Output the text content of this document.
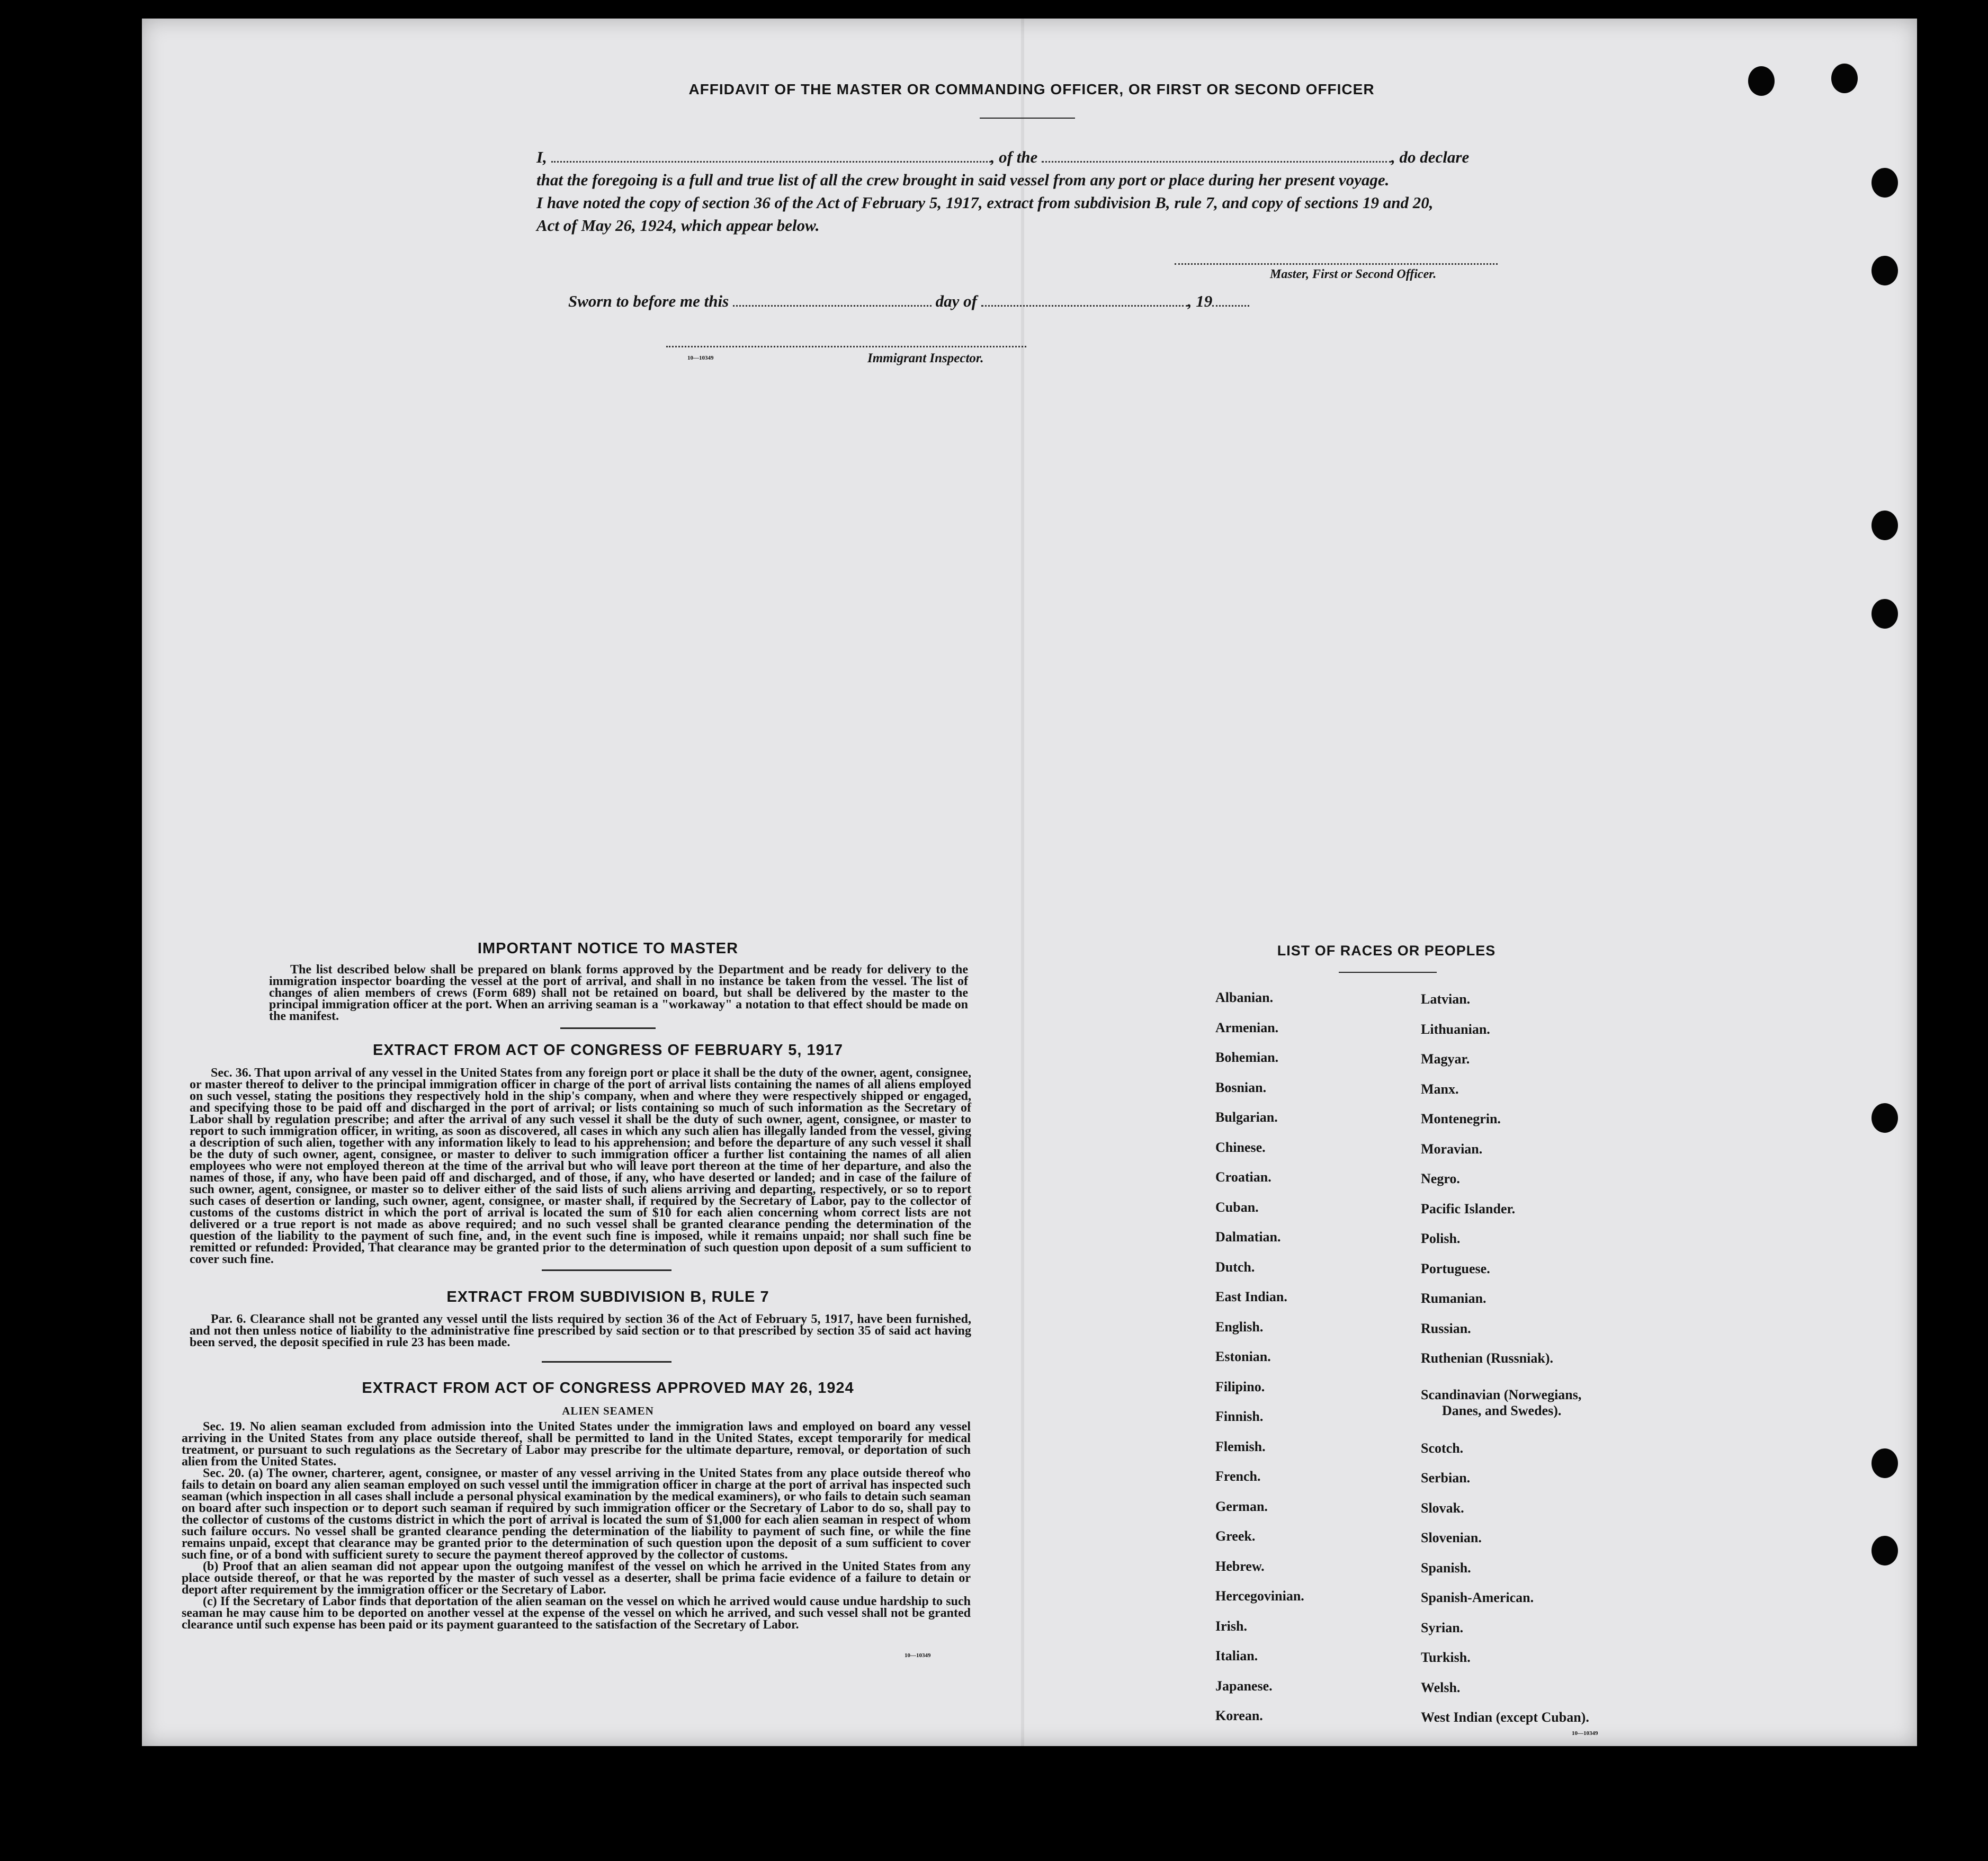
AFFIDAVIT OF THE MASTER OR COMMANDING OFFICER, OR FIRST OR SECOND OFFICER
I,	, of the	, do declare
that the foregoing is a full and true list of all the crew brought in said vessel from any port or place during her present voyage.
I have noted the copy of section 36 of the Act of February 5, 1917, extract from subdivision B, rule 7, and copy of sections 19 and 20,
Act of May 26, 1924, which appear below.
Master, First or Second Officer.
Sworn to before me this	day of	, 19
10—10349	Immigrant Inspector.
IMPORTANT NOTICE TO MASTER
The list described below shall be prepared on blank forms approved by the Department and be ready for delivery to the immigration inspector boarding the vessel at the port of arrival, and shall in no instance be taken from the vessel. The list of changes of alien members of crews (Form 689) shall not be retained on board, but shall be delivered by the master to the principal immigration officer at the port. When an arriving seaman is a "workaway" a notation to that effect should be made on the manifest.
EXTRACT FROM ACT OF CONGRESS OF FEBRUARY 5, 1917
Sec. 36. That upon arrival of any vessel in the United States from any foreign port or place it shall be the duty of the owner, agent, consignee, or master thereof to deliver to the principal immigration officer in charge of the port of arrival lists containing the names of all aliens employed on such vessel, stating the positions they respectively hold in the ship's company, when and where they were respectively shipped or engaged, and specifying those to be paid off and discharged in the port of arrival; or lists containing so much of such information as the Secretary of Labor shall by regulation prescribe; and after the arrival of any such vessel it shall be the duty of such owner, agent, consignee, or master to report to such immigration officer, in writing, as soon as discovered, all cases in which any such alien has illegally landed from the vessel, giving a description of such alien, together with any information likely to lead to his apprehension; and before the departure of any such vessel it shall be the duty of such owner, agent, consignee, or master to deliver to such immigration officer a further list containing the names of all alien employees who were not employed thereon at the time of the arrival but who will leave port thereon at the time of her departure, and also the names of those, if any, who have been paid off and discharged, and of those, if any, who have deserted or landed; and in case of the failure of such owner, agent, consignee, or master so to deliver either of the said lists of such aliens arriving and departing, respectively, or so to report such cases of desertion or landing, such owner, agent, consignee, or master shall, if required by the Secretary of Labor, pay to the collector of customs of the customs district in which the port of arrival is located the sum of $10 for each alien concerning whom correct lists are not delivered or a true report is not made as above required; and no such vessel shall be granted clearance pending the determination of the question of the liability to the payment of such fine, and, in the event such fine is imposed, while it remains unpaid; nor shall such fine be remitted or refunded: Provided, That clearance may be granted prior to the determination of such question upon deposit of a sum sufficient to cover such fine.
EXTRACT FROM SUBDIVISION B, RULE 7
Par. 6. Clearance shall not be granted any vessel until the lists required by section 36 of the Act of February 5, 1917, have been furnished, and not then unless notice of liability to the administrative fine prescribed by said section or to that prescribed by section 35 of said act having been served, the deposit specified in rule 23 has been made.
EXTRACT FROM ACT OF CONGRESS APPROVED MAY 26, 1924
ALIEN SEAMEN
Sec. 19. No alien seaman excluded from admission into the United States under the immigration laws and employed on board any vessel arriving in the United States from any place outside thereof, shall be permitted to land in the United States, except temporarily for medical treatment, or pursuant to such regulations as the Secretary of Labor may prescribe for the ultimate departure, removal, or deportation of such alien from the United States.
Sec. 20. (a) The owner, charterer, agent, consignee, or master of any vessel arriving in the United States from any place outside thereof who fails to detain on board any alien seaman employed on such vessel until the immigration officer in charge at the port of arrival has inspected such seaman (which inspection in all cases shall include a personal physical examination by the medical examiners), or who fails to detain such seaman on board after such inspection or to deport such seaman if required by such immigration officer or the Secretary of Labor to do so, shall pay to the collector of customs of the customs district in which the port of arrival is located the sum of $1,000 for each alien seaman in respect of whom such failure occurs. No vessel shall be granted clearance pending the determination of the liability to payment of such fine, or while the fine remains unpaid, except that clearance may be granted prior to the determination of such question upon the deposit of a sum sufficient to cover such fine, or of a bond with sufficient surety to secure the payment thereof approved by the collector of customs.
(b) Proof that an alien seaman did not appear upon the outgoing manifest of the vessel on which he arrived in the United States from any place outside thereof, or that he was reported by the master of such vessel as a deserter, shall be prima facie evidence of a failure to detain or deport after requirement by the immigration officer or the Secretary of Labor.
(c) If the Secretary of Labor finds that deportation of the alien seaman on the vessel on which he arrived would cause undue hardship to such seaman he may cause him to be deported on another vessel at the expense of the vessel on which he arrived, and such vessel shall not be granted clearance until such expense has been paid or its payment guaranteed to the satisfaction of the Secretary of Labor.
10—10349
LIST OF RACES OR PEOPLES
Albanian.
Armenian.
Bohemian.
Bosnian.
Bulgarian.
Chinese.
Croatian.
Cuban.
Dalmatian.
Dutch.
East Indian.
English.
Estonian.
Filipino.
Finnish.
Flemish.
French.
German.
Greek.
Hebrew.
Hercegovinian.
Irish.
Italian.
Japanese.
Korean.
Latvian.
Lithuanian.
Magyar.
Manx.
Montenegrin.
Moravian.
Negro.
Pacific Islander.
Polish.
Portuguese.
Rumanian.
Russian.
Ruthenian (Russniak).
Scandinavian (Norwegians,
Danes, and Swedes).
Scotch.
Serbian.
Slovak.
Slovenian.
Spanish.
Spanish-American.
Syrian.
Turkish.
Welsh.
West Indian (except Cuban).
10—10349
